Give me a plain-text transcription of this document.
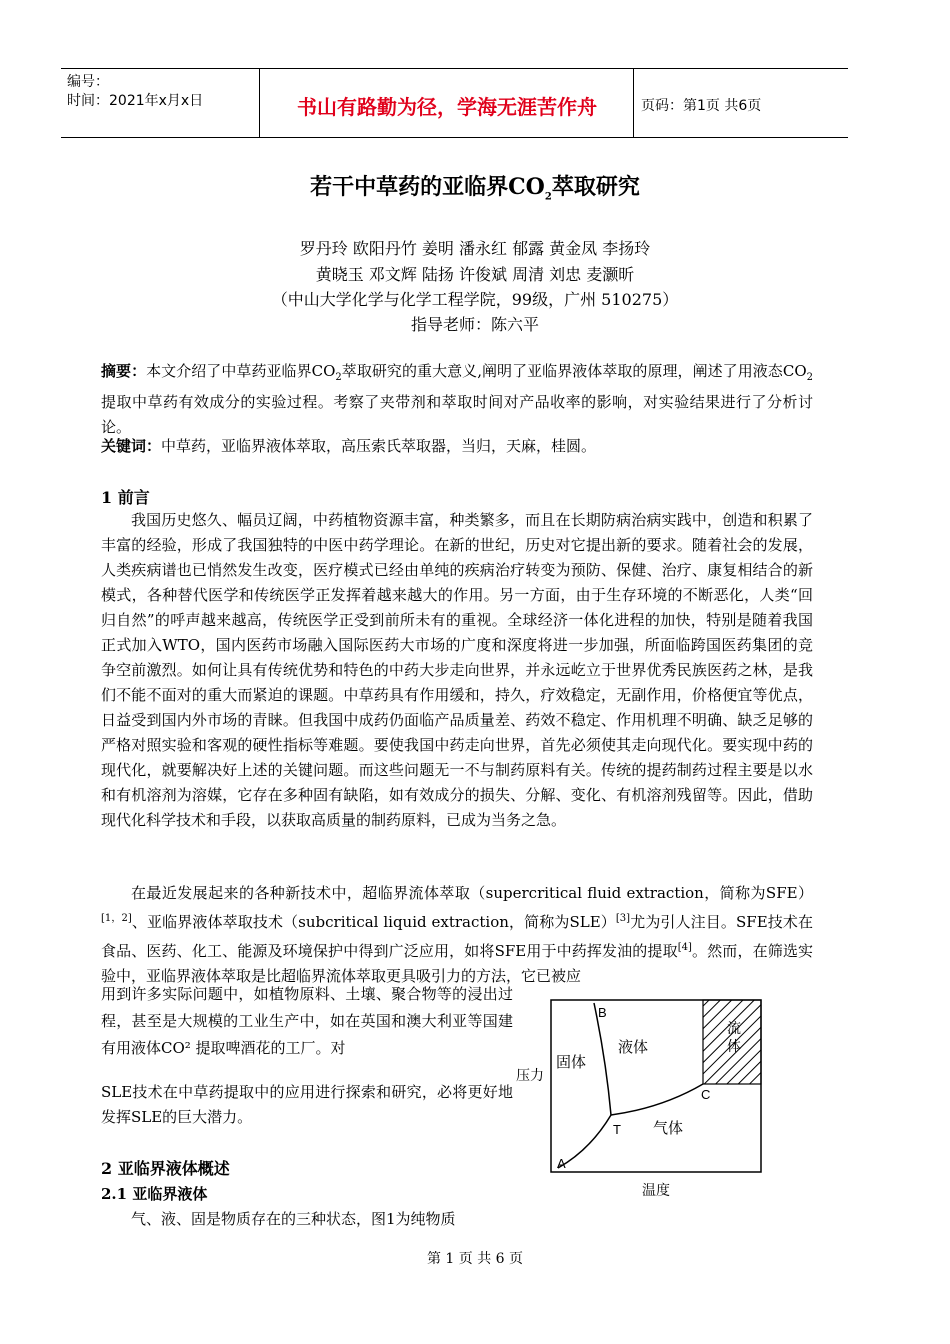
编号：
时间：2021年x月x日	书山有路勤为径，学海无涯苦作舟	页码：第1页 共6页
若干中草药的亚临界$CO_2$萃取研究
罗丹玲 欧阳丹竹 姜明 潘永红 郁露 黄金凤 李扬玲
黄晓玉 邓文辉 陆扬 许俊斌 周清 刘忠 麦灏昕
（中山大学化学与化学工程学院，99级，广州 510275）
指导老师：陈六平
摘要：本文介绍了中草药亚临界$CO_2$萃取研究的重大意义,阐明了亚临界液体萃取的原理，阐述了用液态$CO_2$提取中草药有效成分的实验过程。考察了夹带剂和萃取时间对产品收率的影响，对实验结果进行了分析讨论。
关键词：中草药，亚临界液体萃取，高压索氏萃取器，当归，天麻，桂圆。
1 前言
我国历史悠久、幅员辽阔，中药植物资源丰富，种类繁多，而且在长期防病治病实践中，创造和积累了丰富的经验，形成了我国独特的中医中药学理论。在新的世纪，历史对它提出新的要求。随着社会的发展，人类疾病谱也已悄然发生改变，医疗模式已经由单纯的疾病治疗转变为预防、保健、治疗、康复相结合的新模式，各种替代医学和传统医学正发挥着越来越大的作用。另一方面，由于生存环境的不断恶化，人类“回归自然”的呼声越来越高，传统医学正受到前所未有的重视。全球经济一体化进程的加快，特别是随着我国正式加入WTO，国内医药市场融入国际医药大市场的广度和深度将进一步加强，所面临跨国医药集团的竞争空前激烈。如何让具有传统优势和特色的中药大步走向世界，并永远屹立于世界优秀民族医药之林，是我们不能不面对的重大而紧迫的课题。中草药具有作用缓和，持久，疗效稳定，无副作用，价格便宜等优点，日益受到国内外市场的青睐。但我国中成药仍面临产品质量差、药效不稳定、作用机理不明确、缺乏足够的严格对照实验和客观的硬性指标等难题。要使我国中药走向世界，首先必须使其走向现代化。要实现中药的现代化，就要解决好上述的关键问题。而这些问题无一不与制药原料有关。传统的提药制药过程主要是以水和有机溶剂为溶媒，它存在多种固有缺陷，如有效成分的损失、分解、变化、有机溶剂残留等。因此，借助现代化科学技术和手段，以获取高质量的制药原料，已成为当务之急。
在最近发展起来的各种新技术中，超临界流体萃取（supercritical fluid extraction，简称为SFE）[1，2]、亚临界液体萃取技术（subcritical liquid extraction，简称为SLE）[3]尤为引人注目。SFE技术在食品、医药、化工、能源及环境保护中得到广泛应用，如将SFE用于中药挥发油的提取[4]。然而，在筛选实验中，亚临界液体萃取是比超临界流体萃取更具吸引力的方法，它已被应
用到许多实际问题中，如植物原料、土壤、聚合物等的浸出过程，甚至是大规模的工业生产中，如在英国和澳大利亚等国建有用液体CO² 提取啤酒花的工厂。对
SLE技术在中草药提取中的应用进行探索和研究，必将更好地发挥SLE的巨大潜力。
2 亚临界液体概述
2.1 亚临界液体
气、液、固是物质存在的三种状态，图1为纯物质
B
固体
液体
流
体
C
T 气体
A
压力
温度
第 1 页 共 6 页
